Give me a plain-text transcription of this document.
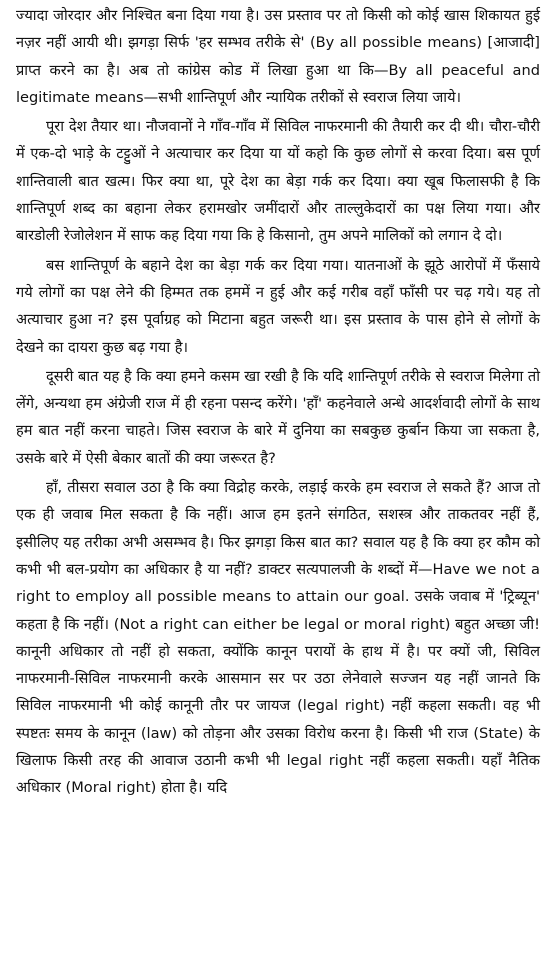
ज्यादा जोरदार और निश्चित बना दिया गया है। उस प्रस्ताव पर तो किसी को कोई खास शिकायत हुई नज़र नहीं आयी थी। झगड़ा सिर्फ 'हर सम्भव तरीके से' (By all possible means) [आजादी] प्राप्त करने का है। अब तो कांग्रेस कोड में लिखा हुआ था कि—By all peaceful and legitimate means—सभी शान्तिपूर्ण और न्यायिक तरीकों से स्वराज लिया जाये।

पूरा देश तैयार था। नौजवानों ने गाँव-गाँव में सिविल नाफरमानी की तैयारी कर दी थी। चौरा-चौरी में एक-दो भाड़े के टट्टुओं ने अत्याचार कर दिया या यों कहो कि कुछ लोगों से करवा दिया। बस पूर्ण शान्तिवाली बात खत्म। फिर क्या था, पूरे देश का बेड़ा गर्क कर दिया। क्या खूब फिलासफी है कि शान्तिपूर्ण शब्द का बहाना लेकर हरामखोर जमींदारों और ताल्लुकेदारों का पक्ष लिया गया। और बारडोली रेजोलेशन में साफ कह दिया गया कि हे किसानो, तुम अपने मालिकों को लगान दे दो।

बस शान्तिपूर्ण के बहाने देश का बेड़ा गर्क कर दिया गया। यातनाओं के झूठे आरोपों में फँसाये गये लोगों का पक्ष लेने की हिम्मत तक हममें न हुई और कई गरीब वहाँ फाँसी पर चढ़ गये। यह तो अत्याचार हुआ न? इस पूर्वाग्रह को मिटाना बहुत जरूरी था। इस प्रस्ताव के पास होने से लोगों के देखने का दायरा कुछ बढ़ गया है।

दूसरी बात यह है कि क्या हमने कसम खा रखी है कि यदि शान्तिपूर्ण तरीके से स्वराज मिलेगा तो लेंगे, अन्यथा हम अंग्रेजी राज में ही रहना पसन्द करेंगे। 'हाँ' कहनेवाले अन्धे आदर्शवादी लोगों के साथ हम बात नहीं करना चाहते। जिस स्वराज के बारे में दुनिया का सबकुछ कुर्बान किया जा सकता है, उसके बारे में ऐसी बेकार बातों की क्या जरूरत है?

हाँ, तीसरा सवाल उठा है कि क्या विद्रोह करके, लड़ाई करके हम स्वराज ले सकते हैं? आज तो एक ही जवाब मिल सकता है कि नहीं। आज हम इतने संगठित, सशस्त्र और ताकतवर नहीं हैं, इसीलिए यह तरीका अभी असम्भव है। फिर झगड़ा किस बात का? सवाल यह है कि क्या हर कौम को कभी भी बल-प्रयोग का अधिकार है या नहीं? डाक्टर सत्यपालजी के शब्दों में—Have we not a right to employ all possible means to attain our goal. उसके जवाब में 'ट्रिब्यून' कहता है कि नहीं। (Not a right can either be legal or moral right) बहुत अच्छा जी! कानूनी अधिकार तो नहीं हो सकता, क्योंकि कानून परायों के हाथ में है। पर क्यों जी, सिविल नाफरमानी-सिविल नाफरमानी करके आसमान सर पर उठा लेनेवाले सज्जन यह नहीं जानते कि सिविल नाफरमानी भी कोई कानूनी तौर पर जायज (legal right) नहीं कहला सकती। वह भी स्पष्टतः समय के कानून (law) को तोड़ना और उसका विरोध करना है। किसी भी राज (State) के खिलाफ किसी तरह की आवाज उठानी कभी भी legal right नहीं कहला सकती। यहाँ नैतिक अधिकार (Moral right) होता है। यदि
